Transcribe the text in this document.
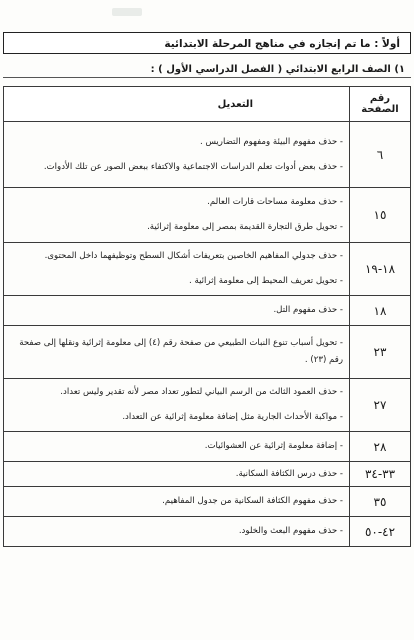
أولاً : ما تم إنجازه في مناهج المرحلة الابتدائية
١) الصف الرابع الابتدائي ( الفصل الدراسي الأول ) :
رقم الصفحة	التعديل
٦	- حذف مفهوم البيئة ومفهوم التضاريس .
- حذف بعض أدوات تعلم الدراسات الاجتماعية والاكتفاء ببعض الصور عن تلك الأدوات.

١٥	- حذف معلومة مساحات قارات العالم.
- تحويل طرق التجارة القديمة بمصر إلى معلومة إثرائية.

١٨-١٩	- حذف جدولي المفاهيم الخاصين بتعريفات أشكال السطح وتوظيفهما داخل المحتوى.
- تحويل تعريف المحيط إلى معلومة إثرائية .

١٨	- حذف مفهوم التل.

٢٣	- تحويل أسباب تنوع النبات الطبيعي من صفحة رقم (٤) إلى معلومة إثرائية ونقلها إلى صفحة
رقم (٢٣) .

٢٧	- حذف العمود الثالث من الرسم البياني لتطور تعداد مصر لأنه تقدير وليس تعداد.
- مواكبة الأحداث الجارية مثل إضافة معلومة إثرائية عن التعداد.

٢٨	- إضافة معلومة إثرائية عن العشوائيات.

٣٣-٣٤	- حذف درس الكثافة السكانية.

٣٥	- حذف مفهوم الكثافة السكانية من جدول المفاهيم.

٤٢-٥٠	- حذف مفهوم البعث والخلود.
